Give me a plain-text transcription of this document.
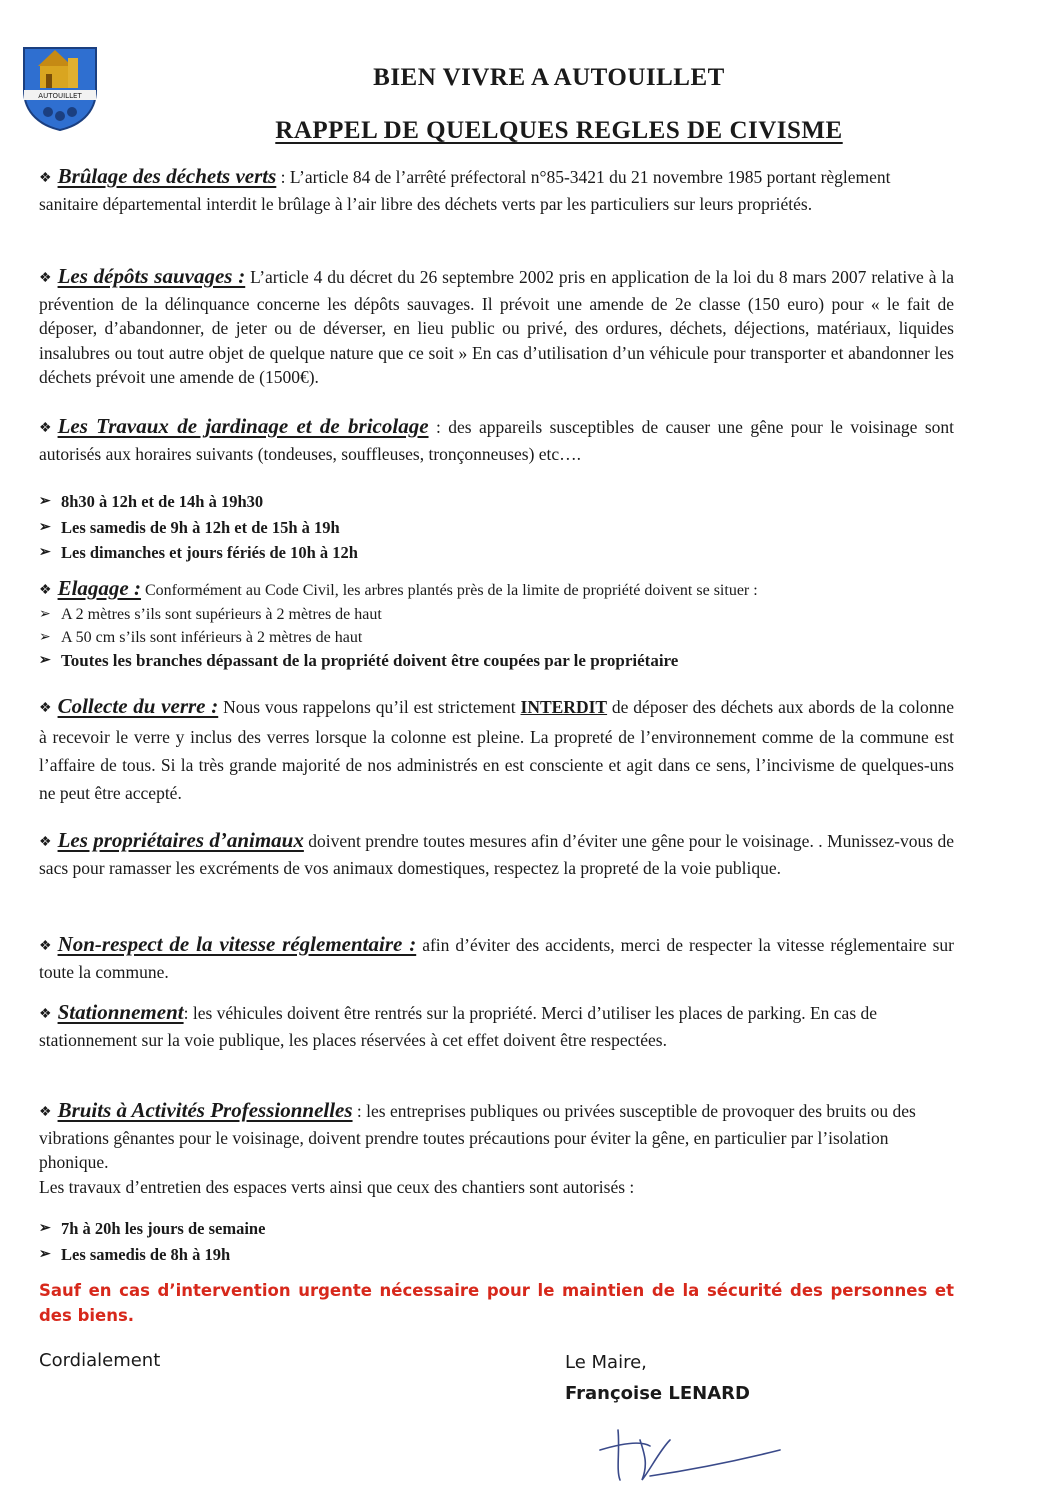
AUTOUILLET
BIEN VIVRE A AUTOUILLET
RAPPEL DE QUELQUES REGLES DE CIVISME

❖ Brûlage des déchets verts : L’article 84 de l’arrêté préfectoral n°85-3421 du 21 novembre 1985 portant règlement sanitaire départemental interdit le brûlage à l’air libre des déchets verts par les particuliers sur leurs propriétés.

❖ Les dépôts sauvages : L’article 4 du décret du 26 septembre 2002 pris en application de la loi du 8 mars 2007 relative à la prévention de la délinquance concerne les dépôts sauvages. Il prévoit une amende de 2e classe (150 euro) pour « le fait de déposer, d’abandonner, de jeter ou de déverser, en lieu public ou privé, des ordures, déchets, déjections, matériaux, liquides insalubres ou tout autre objet de quelque nature que ce soit » En cas d’utilisation d’un véhicule pour transporter et abandonner les déchets prévoit une amende de (1500€).

❖ Les Travaux de jardinage et de bricolage : des appareils susceptibles de causer une gêne pour le voisinage sont autorisés aux horaires suivants (tondeuses, souffleuses, tronçonneuses) etc….

➢ 8h30 à 12h et de 14h à 19h30
➢ Les samedis de 9h à 12h et de 15h à 19h
➢ Les dimanches et jours fériés de 10h à 12h

❖ Elagage : Conformément au Code Civil, les arbres plantés près de la limite de propriété doivent se situer :

➢ A 2 mètres s’ils sont supérieurs à 2 mètres de haut
➢ A 50 cm s’ils sont inférieurs à 2 mètres de haut
➢ Toutes les branches dépassant de la propriété doivent être coupées par le propriétaire

❖ Collecte du verre : Nous vous rappelons qu’il est strictement INTERDIT de déposer des déchets aux abords de la colonne à recevoir le verre y inclus des verres lorsque la colonne est pleine. La propreté de l’environnement comme de la commune est l’affaire de tous. Si la très grande majorité de nos administrés en est consciente et agit dans ce sens, l’incivisme de quelques-uns ne peut être accepté.

❖ Les propriétaires d’animaux doivent prendre toutes mesures afin d’éviter une gêne pour le voisinage. . Munissez-vous de sacs pour ramasser les excréments de vos animaux domestiques, respectez la propreté de la voie publique.

❖ Non-respect de la vitesse réglementaire : afin d’éviter des accidents, merci de respecter la vitesse réglementaire sur toute la commune.

❖ Stationnement: les véhicules doivent être rentrés sur la propriété. Merci d’utiliser les places de parking. En cas de stationnement sur la voie publique, les places réservées à cet effet doivent être respectées.

❖ Bruits à Activités Professionnelles : les entreprises publiques ou privées susceptible de provoquer des bruits ou des vibrations gênantes pour le voisinage, doivent prendre toutes précautions pour éviter la gêne, en particulier par l’isolation phonique.
Les travaux d’entretien des espaces verts ainsi que ceux des chantiers sont autorisés :

➢ 7h à 20h les jours de semaine
➢ Les samedis de 8h à 19h

Sauf en cas d’intervention urgente nécessaire pour le maintien de la sécurité des personnes et des biens.

Cordialement	Le Maire,

Françoise LENARD
